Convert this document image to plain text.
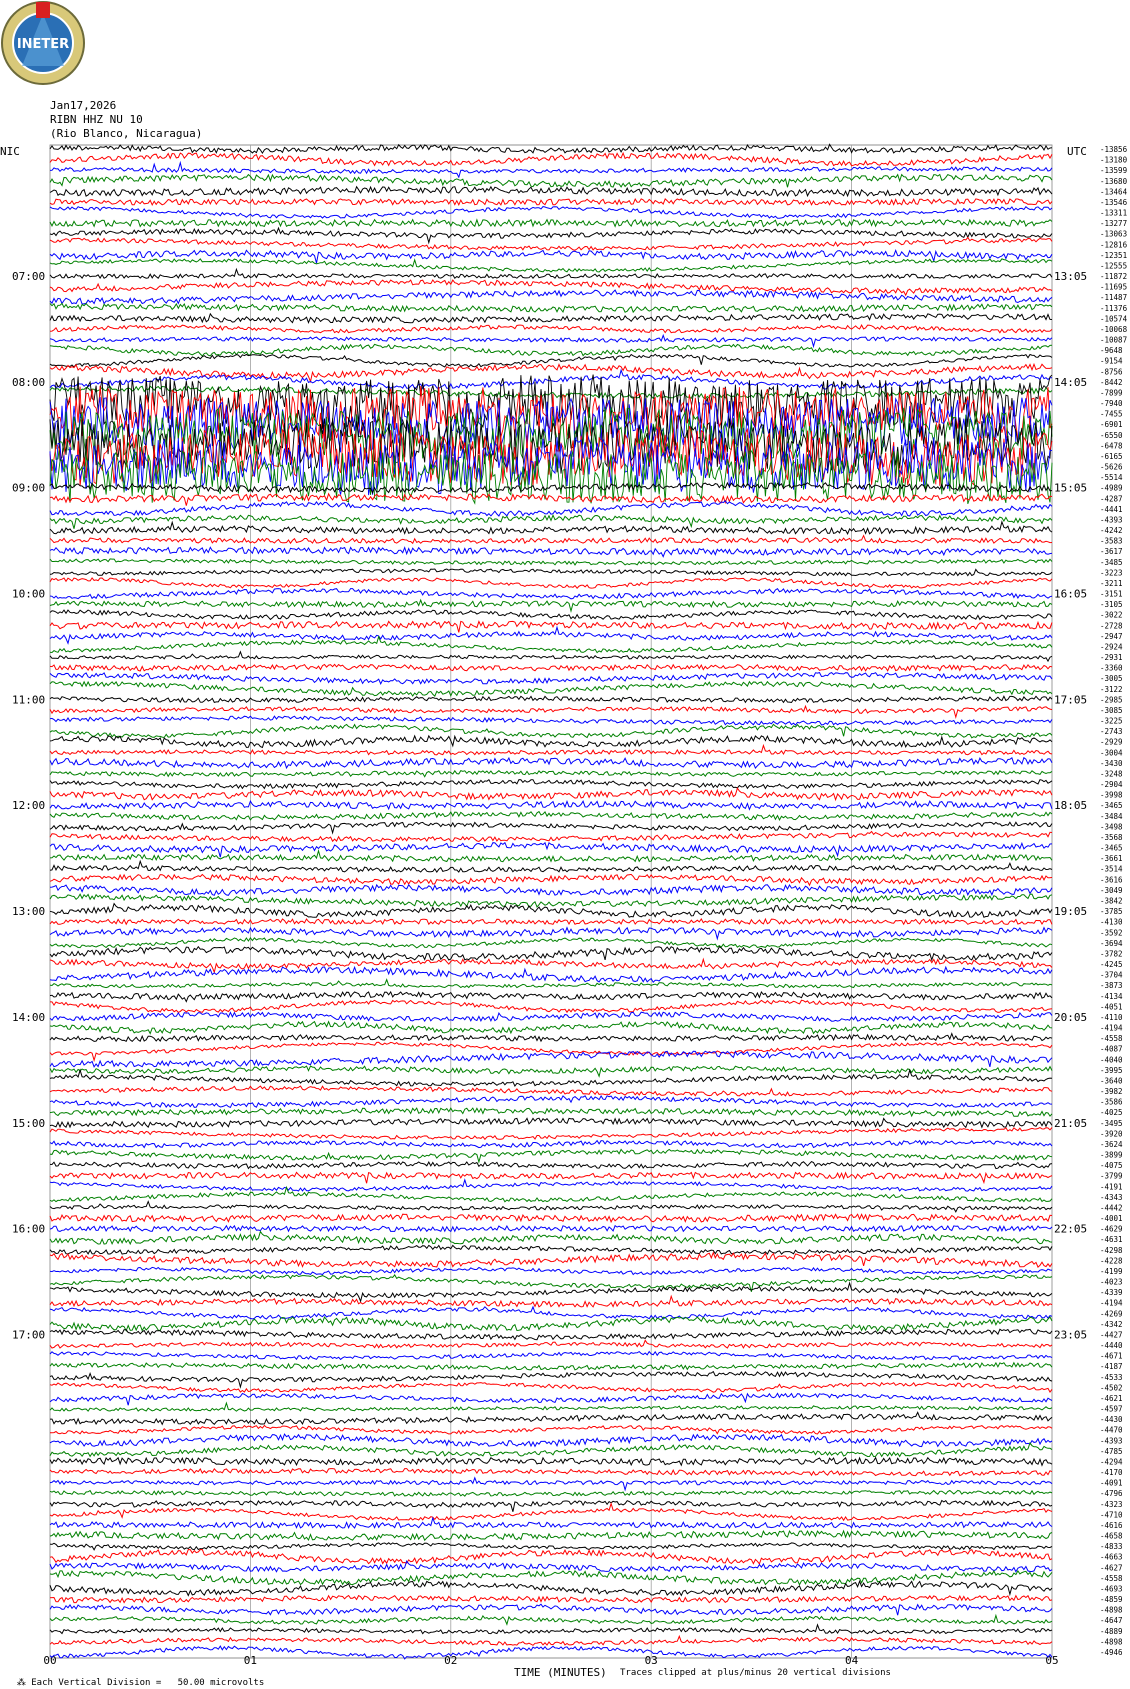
INETER
Jan17,2026
RIBN HHZ NU 10
(Rio Blanco, Nicaragua)
NIC	UTC
00	01	02	03	04	05
-13856
-13180
-13599
-13680
-13464
-13546
-13311
-13277
-13063
-12816
-12351
-12555
-11872
-11695
-11487
-11376
-10574
-10068
-10087
-9648
-9154
-8756
-8442
-7899
-7940
-7455
-6901
-6550
-6478
-6165
-5626
-5514
-4989
-4287
-4441
-4393
-4242
-3583
-3617
-3485
-3223
-3211
-3151
-3105
-3022
-2728
-2947
-2924
-2931
-3360
-3005
-3122
-2985
-3085
-3225
-2743
-2929
-3004
-3430
-3248
-2904
-3998
-3465
-3484
-3498
-3568
-3465
-3661
-3514
-3616
-3049
-3842
-3785
-4130
-3592
-3694
-3782
-4245
-3704
-3873
-4134
-4051
-4110
-4194
-4558
-4087
-4040
-3995
-3640
-3982
-3586
-4025
-3495
-3920
-3624
-3899
-4075
-3799
-4191
-4343
-4442
-4001
-4629
-4631
-4298
-4228
-4199
-4023
-4339
-4194
-4269
-4342
-4427
-4440
-4671
-4187
-4533
-4502
-4621
-4597
-4430
-4470
-4393
-4785
-4294
-4170
-4091
-4796
-4323
-4710
-4616
-4658
-4833
-4663
-4627
-4558
-4693
-4859
-4898
-4647
-4889
-4898
-4946
07:00
08:00
09:00
10:00
11:00
12:00
13:00
14:00
15:00
16:00
17:00
13:05
14:05
15:05
16:05
17:05
18:05
19:05
20:05
21:05
22:05
23:05

⁂ Each Vertical Division =   50.00 microvolts

TIME (MINUTES) Traces clipped at plus/minus 20 vertical divisions
